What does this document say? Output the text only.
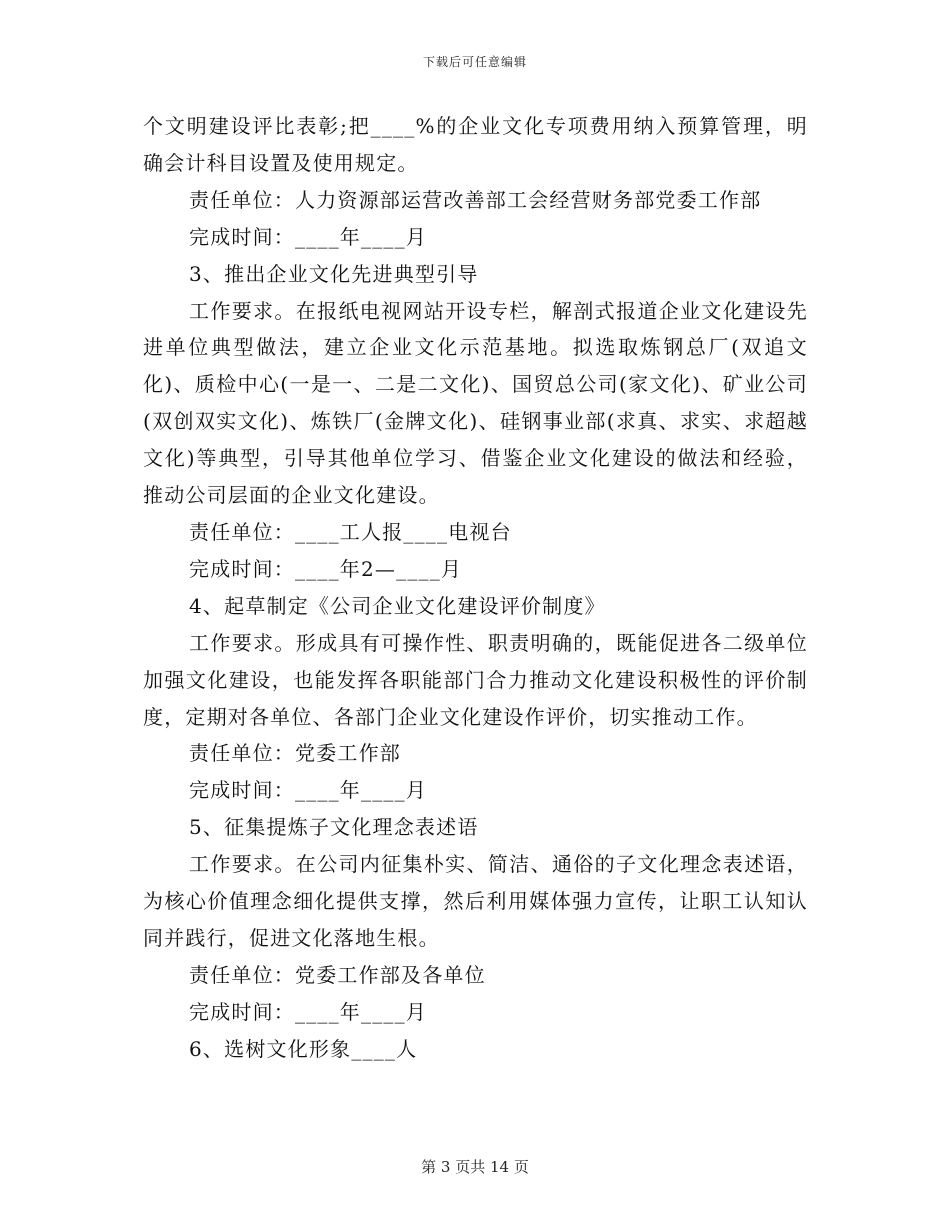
下载后可任意编辑

个文明建设评比表彰;把____%的企业文化专项费用纳入预算管理，明确会计科目设置及使用规定。

责任单位：人力资源部运营改善部工会经营财务部党委工作部

完成时间：____年____月

3、推出企业文化先进典型引导

工作要求。在报纸电视网站开设专栏，解剖式报道企业文化建设先进单位典型做法，建立企业文化示范基地。拟选取炼钢总厂(双追文化)、质检中心(一是一、二是二文化)、国贸总公司(家文化)、矿业公司(双创双实文化)、炼铁厂(金牌文化)、硅钢事业部(求真、求实、求超越文化)等典型，引导其他单位学习、借鉴企业文化建设的做法和经验，推动公司层面的企业文化建设。

责任单位：____工人报____电视台

完成时间：____年2—____月

4、起草制定《公司企业文化建设评价制度》

工作要求。形成具有可操作性、职责明确的，既能促进各二级单位加强文化建设，也能发挥各职能部门合力推动文化建设积极性的评价制度，定期对各单位、各部门企业文化建设作评价，切实推动工作。

责任单位：党委工作部

完成时间：____年____月

5、征集提炼子文化理念表述语

工作要求。在公司内征集朴实、简洁、通俗的子文化理念表述语，为核心价值理念细化提供支撑，然后利用媒体强力宣传，让职工认知认同并践行，促进文化落地生根。

责任单位：党委工作部及各单位

完成时间：____年____月

6、选树文化形象____人

第 3 页共 14 页
